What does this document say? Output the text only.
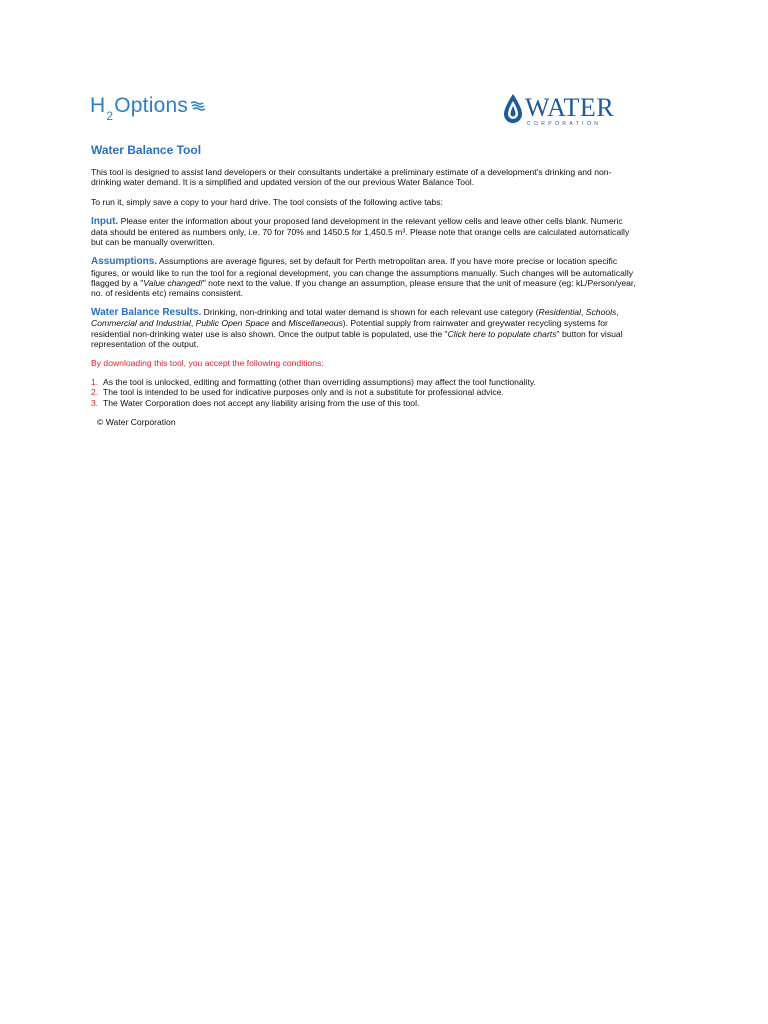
H 2 Options	WATER
CORPORATION
Water Balance Tool

This tool is designed to assist land developers or their consultants undertake a preliminary estimate of a development's drinking and non-drinking water demand. It is a simplified and updated version of the our previous Water Balance Tool.

To run it, simply save a copy to your hard drive. The tool consists of the following active tabs:

Input. Please enter the information about your proposed land development in the relevant yellow cells and leave other cells blank. Numeric data should be entered as numbers only, i.e. 70 for 70% and 1450.5 for 1,450.5 m³. Please note that orange cells are calculated automatically but can be manually overwritten.

Assumptions. Assumptions are average figures, set by default for Perth metropolitan area. If you have more precise or location specific figures, or would like to run the tool for a regional development, you can change the assumptions manually. Such changes will be automatically flagged by a "Value changed!" note next to the value. If you change an assumption, please ensure that the unit of measure (eg: kL/Person/year, no. of residents etc) remains consistent.

Water Balance Results. Drinking, non-drinking and total water demand is shown for each relevant use category (Residential, Schools, Commercial and Industrial, Public Open Space and Miscellaneous). Potential supply from rainwater and greywater recycling systems for residential non-drinking water use is also shown. Once the output table is populated, use the "Click here to populate charts" button for visual representation of the output.

By downloading this tool, you accept the following conditions:
1. As the tool is unlocked, editing and formatting (other than overriding assumptions) may affect the tool functionality.
2. The tool is intended to be used for indicative purposes only and is not a substitute for professional advice.
3. The Water Corporation does not accept any liability arising from the use of this tool.
© Water Corporation
